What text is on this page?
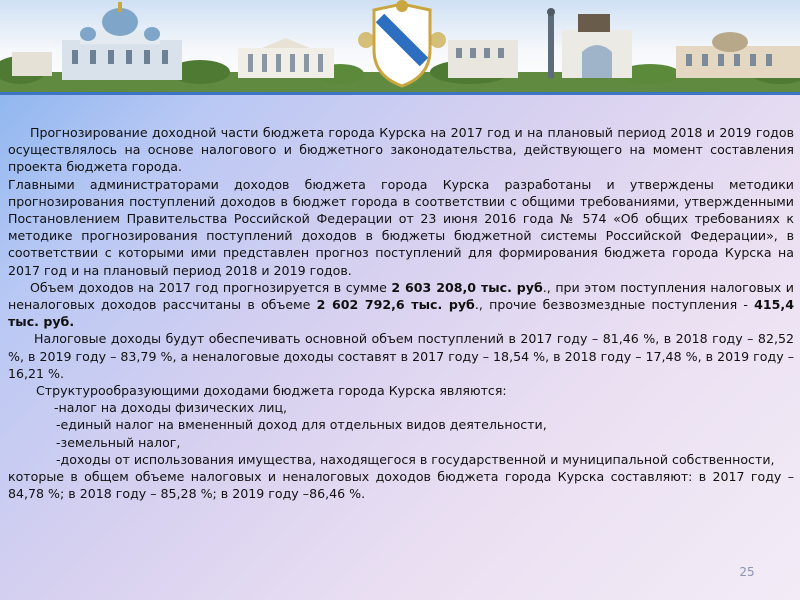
Прогнозирование доходной части бюджета города Курска на 2017 год и на плановый период 2018 и 2019 годов осуществлялось на основе налогового и бюджетного законодательства, действующего на момент составления проекта бюджета города.

Главными администраторами доходов бюджета города Курска разработаны и утверждены методики прогнозирования поступлений доходов в бюджет города в соответствии с общими требованиями, утвержденными Постановлением Правительства Российской Федерации от 23 июня 2016 года № 574 «Об общих требованиях к методике прогнозирования поступлений доходов в бюджеты бюджетной системы Российской Федерации», в соответствии с которыми ими представлен прогноз поступлений для формирования бюджета города Курска на 2017 год и на плановый период 2018 и 2019 годов.

Объем доходов на 2017 год прогнозируется в сумме 2 603 208,0 тыс. руб., при этом поступления налоговых и неналоговых доходов рассчитаны в объеме 2 602 792,6 тыс. руб., прочие безвозмездные поступления - 415,4 тыс. руб.

Налоговые доходы будут обеспечивать основной объем поступлений в 2017 году – 81,46 %, в 2018 году – 82,52 %, в 2019 году – 83,79 %, а неналоговые доходы составят в 2017 году – 18,54 %, в 2018 году – 17,48 %, в 2019 году – 16,21 %.

Структурообразующими доходами бюджета города Курска являются:

-налог на доходы физических лиц,

-единый налог на вмененный доход для отдельных видов деятельности,

-земельный налог,

-доходы от использования имущества, находящегося в государственной и муниципальной собственности,

которые в общем объеме налоговых и неналоговых доходов бюджета города Курска составляют: в 2017 году – 84,78 %; в 2018 году – 85,28 %; в 2019 году –86,46 %.

25
